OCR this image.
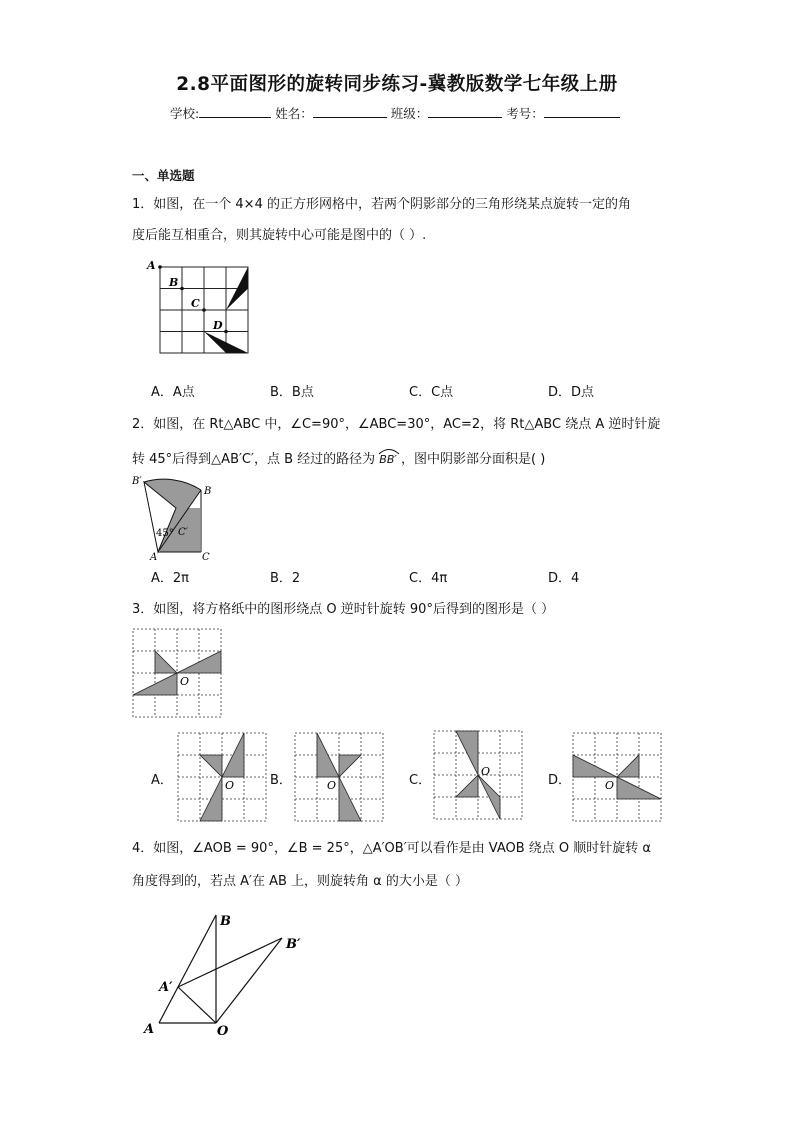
2.8平面图形的旋转同步练习-冀教版数学七年级上册
学校:	姓名：	班级：	考号：
一、单选题
1．如图，在一个 4×4 的正方形网格中，若两个阴影部分的三角形绕某点旋转一定的角
度后能互相重合，则其旋转中心可能是图中的（ ）.
A
B
C
D
A．A点	B．B点	C．C点	D．D点
2．如图，在 Rt△ABC 中，∠C=90°，∠ABC=30°，AC=2，将 Rt△ABC 绕点 A 逆时针旋
转 45°后得到△AB′C′，点 B 经过的路径为 BB′ ，图中阴影部分面积是( )
B′
B
45° C′
A	C
A．2π	B．2	C．4π	D．4
3．如图，将方格纸中的图形绕点 O 逆时针旋转 90°后得到的图形是（ ）
O
A．	O	B．	O	C．
O
D．	O
4．如图，∠AOB = 90°，∠B = 25°，△A′OB′可以看作是由 VAOB 绕点 O 顺时针旋转 α
角度得到的，若点 A′在 AB 上，则旋转角 α 的大小是（ ）
B
B′
A′
A	O
